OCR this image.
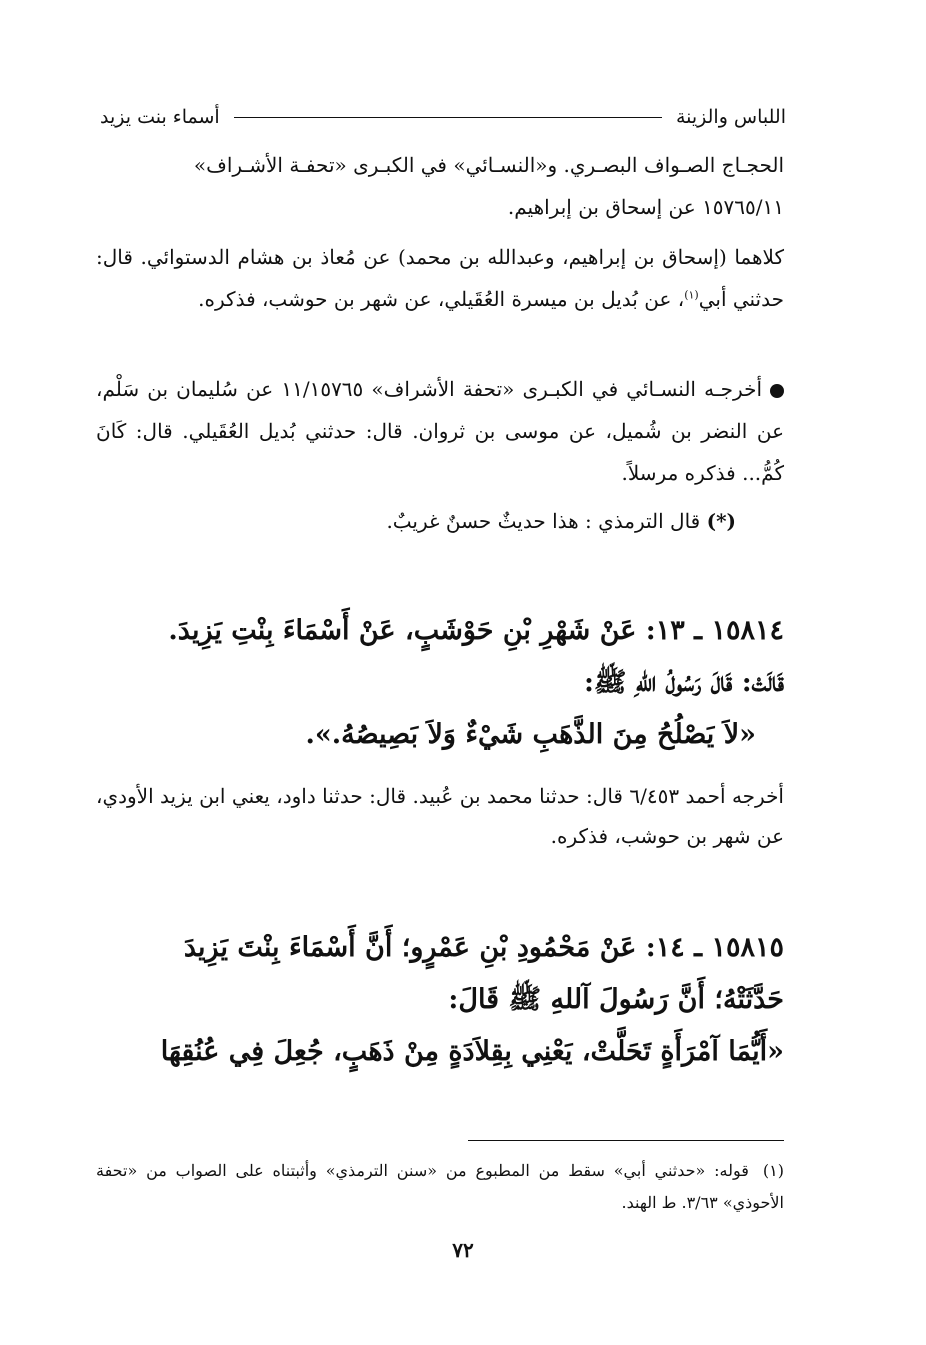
اللباس والزينة
أسماء بنت يزيد

الحجـاج الصـواف البصـري. و«النسـائي» في الكبـرى «تحفـة الأشـراف»

١٥٧٦٥/١١ عن إسحاق بن إبراهيم.

كلاهما (إسحاق بن إبراهيم، وعبدالله بن محمد) عن مُعاذ بن هشام الدستوائي. قال: حدثني أبي$^{(١)}$، عن بُديل بن ميسرة العُقَيلي، عن شهر بن حوشب، فذكره.

أخرجـه النسـائي في الكبـرى «تحفة الأشراف» ١١/١٥٧٦٥ عن سُليمان بن سَلْم، عن النضر بن شُميل، عن موسى بن ثروان. قال: حدثني بُديل العُقَيلي. قال: كَانَ كُمُّ... فذكره مرسلاً.

(*) قال الترمذي : هذا حديثٌ حسنٌ غريبٌ.

١٥٨١٤ ـ ١٣: عَنْ شَهْرِ بْنِ حَوْشَبٍ، عَنْ أَسْمَاءَ بِنْتِ يَزِيدَ.

قَالَتْ: قَالَ رَسُولُ اللهِ ﷺ:

«لاَ يَصْلُحُ مِنَ الذَّهَبِ شَيْءٌ وَلاَ بَصِيصُهُ.».

أخرجه أحمد ٦/٤٥٣ قال: حدثنا محمد بن عُبيد. قال: حدثنا داود، يعني ابن يزيد الأودي، عن شهر بن حوشب، فذكره.

١٥٨١٥ ـ ١٤: عَنْ مَحْمُودِ بْنِ عَمْرٍو؛ أَنَّ أَسْمَاءَ بِنْتَ يَزِيدَ

حَدَّثَتْهُ؛ أَنَّ رَسُولَ آللهِ ﷺ قَالَ:

«أَيُّمَا آمْرَأَةٍ تَحَلَّتْ، يَعْنِي بِقِلاَدَةٍ مِنْ ذَهَبٍ، جُعِلَ فِي عُنُقِهَا

(١)قوله: «حدثني أبي» سقط من المطبوع من «سنن الترمذي» وأثبتناه على الصواب من «تحفة الأحوذي» ٣/٦٣. ط الهند.
٧٢
